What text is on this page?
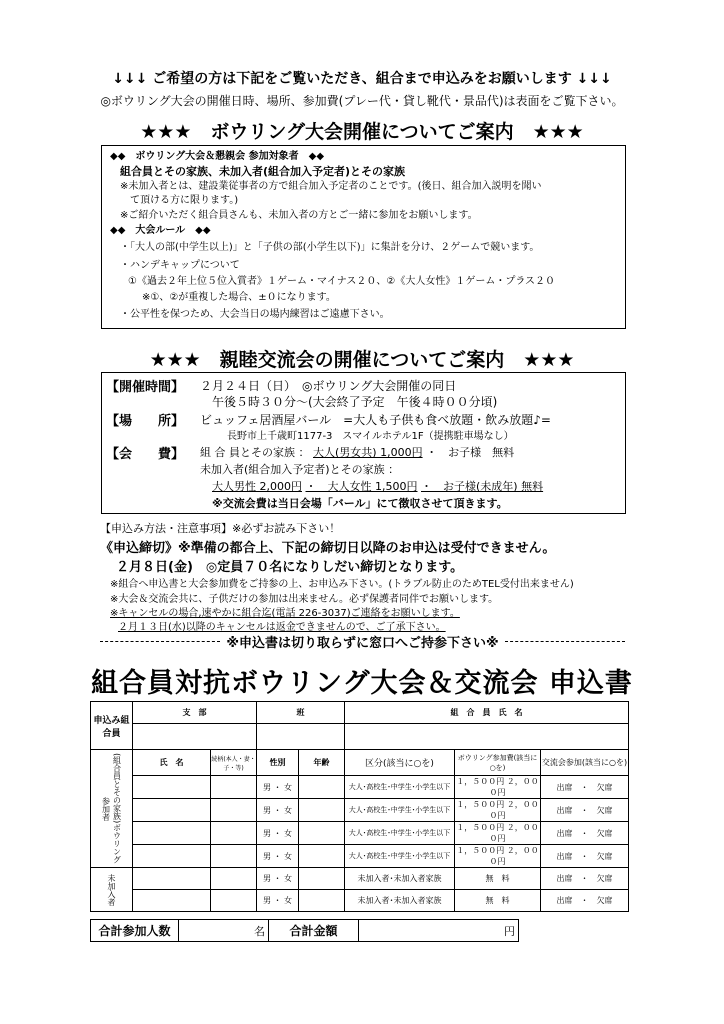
↓↓↓ ご希望の方は下記をご覧いただき、組合まで申込みをお願いします ↓↓↓
◎ボウリング大会の開催日時、場所、参加費(プレー代・貸し靴代・景品代)は表面をご覧下さい。
★★★　ボウリング大会開催についてご案内　★★★
◆◆　ボウリング大会＆懇親会 参加対象者　◆◆
組合員とその家族、未加入者(組合加入予定者)とその家族
※未加入者とは、建設業従事者の方で組合加入予定者のことです。(後日、組合加入説明を聞い
て頂ける方に限ります。)
※ご紹介いただく組合員さんも、未加入者の方とご一緒に参加をお願いします。
◆◆　大会ルール　◆◆
・「大人の部(中学生以上)」と「子供の部(小学生以下)」に集計を分け、２ゲームで競います。
・ハンデキャップについて
①《過去２年上位５位入賞者》１ゲーム・マイナス２０、②《大人女性》１ゲーム・プラス２０
※①、②が重複した場合、±０になります。
・公平性を保つため、大会当日の場内練習はご遠慮下さい。
★★★　親睦交流会の開催についてご案内　★★★
【開催時間】 ２月２４日（日）　◎ボウリング大会開催の同日
午後５時３０分～(大会終了予定　午後４時００分頃)
【場　　所】 ビュッフェ居酒屋バール　=大人も子供も食べ放題・飲み放題♪=
長野市上千歳町1177-3　スマイルホテル1F（提携駐車場なし）
【会　　費】 組 合 員とその家族 ： 大人(男女共) 1,000円 ・　お子様　無料
未加入者(組合加入予定者)とその家族 ：
大人男性 2,000円 ・　大人女性 1,500円 ・　お子様(未成年) 無料
※交流会費は当日会場「バール」にて徴収させて頂きます。
【申込み方法・注意事項】※必ずお読み下さい！
《申込締切》※準備の都合上、下記の締切日以降のお申込は受付できません。
２月８日(金)　◎定員７０名になりしだい締切となります。
※組合へ申込書と大会参加費をご持参の上、お申込み下さい。(トラブル防止のためTEL受付出来ません)
※大会＆交流会共に、子供だけの参加は出来ません。必ず保護者同伴でお願いします。
※キャンセルの場合,速やかに組合迄(電話 226-3037)ご連絡をお願いします。
２月１３日(水)以降のキャンセルは返金できませんので、ご了承下さい。
※申込書は切り取らずに窓口へご持参下さい※
組合員対抗ボウリング大会＆交流会 申込書
申込み組合員	支　部		班		組　合　員　氏　名		

(組合員とその家族)ボウリング参加者	氏　名	続柄(本人・妻・子・等)	性別	年齢	区分(該当に○を)	ボウリング参加費(該当に○を)	交流会参加(該当に○を)
			男 ・ 女		大人･高校生･中学生･小学生以下	１，５００円 ２，０００円	出席　・　欠席
			男 ・ 女		大人･高校生･中学生･小学生以下	１，５００円 ２，０００円	出席　・　欠席
			男 ・ 女		大人･高校生･中学生･小学生以下	１，５００円 ２，０００円	出席　・　欠席
			男 ・ 女		大人･高校生･中学生･小学生以下	１，５００円 ２，０００円	出席　・　欠席

未加入者			男 ・ 女		未加入者･未加入者家族	無　料	出席　・　欠席
			男 ・ 女		未加入者･未加入者家族	無　料	出席　・　欠席
合計参加人数	名	合計金額	円
